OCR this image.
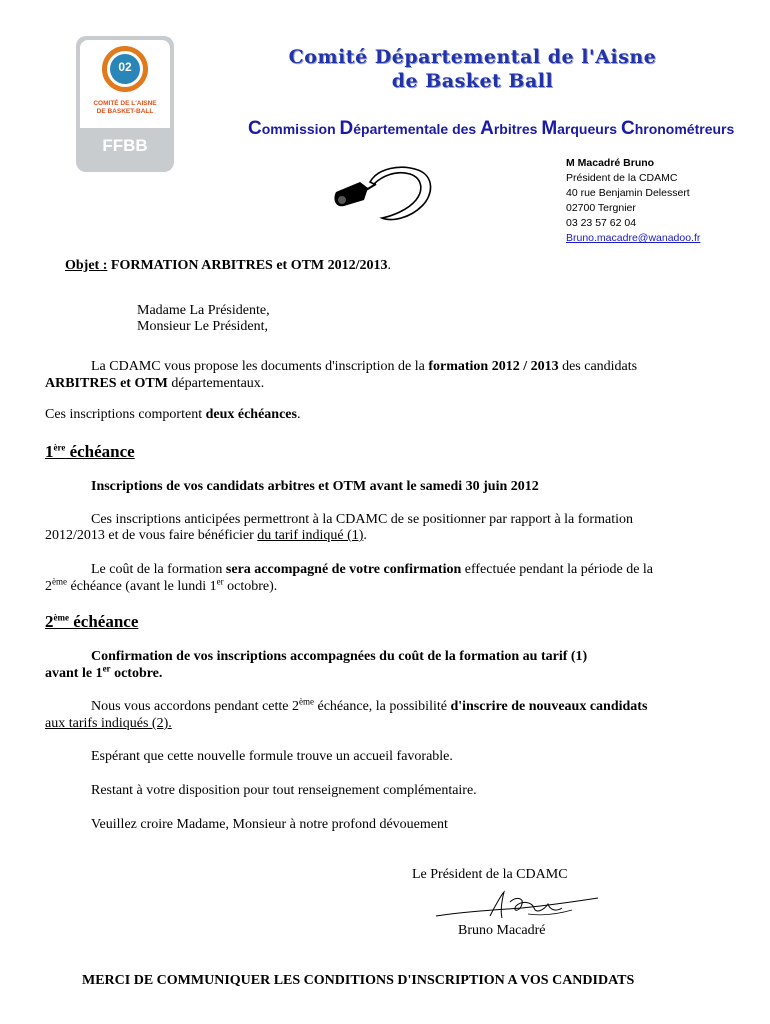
02
COMITÉ DE L'AISNE
DE BASKET-BALL
COMITÉ DÉPARTEMENTAL
FFBB
Comité Départemental de l'Aisne
de Basket Ball
Commission Départementale des Arbitres Marqueurs Chronométreurs
M Macadré Bruno
Président de la CDAMC
40 rue Benjamin Delessert
02700 Tergnier
03 23 57 62 04
Bruno.macadre@wanadoo.fr
Objet : FORMATION ARBITRES et OTM 2012/2013.
Madame La Présidente,
Monsieur Le Président,
La CDAMC vous propose les documents d'inscription de la formation 2012 / 2013 des candidats
ARBITRES et OTM départementaux.
Ces inscriptions comportent deux échéances.
1ère échéance
Inscriptions de vos candidats arbitres et OTM avant le samedi 30 juin 2012
Ces inscriptions anticipées permettront à la CDAMC de se positionner par rapport à la formation
2012/2013 et de vous faire bénéficier du tarif indiqué (1).
Le coût de la formation sera accompagné de votre confirmation effectuée pendant la période de la
2ème échéance (avant le lundi 1er octobre).
2ème échéance
Confirmation de vos inscriptions accompagnées du coût de la formation au tarif (1)
avant le 1er octobre.
Nous vous accordons pendant cette 2ème échéance, la possibilité d'inscrire de nouveaux candidats
aux tarifs indiqués (2).
Espérant que cette nouvelle formule trouve un accueil favorable.
Restant à votre disposition pour tout renseignement complémentaire.
Veuillez croire Madame, Monsieur à notre profond dévouement
Le Président de la CDAMC
Bruno Macadré
MERCI DE COMMUNIQUER LES CONDITIONS D'INSCRIPTION A VOS CANDIDATS
